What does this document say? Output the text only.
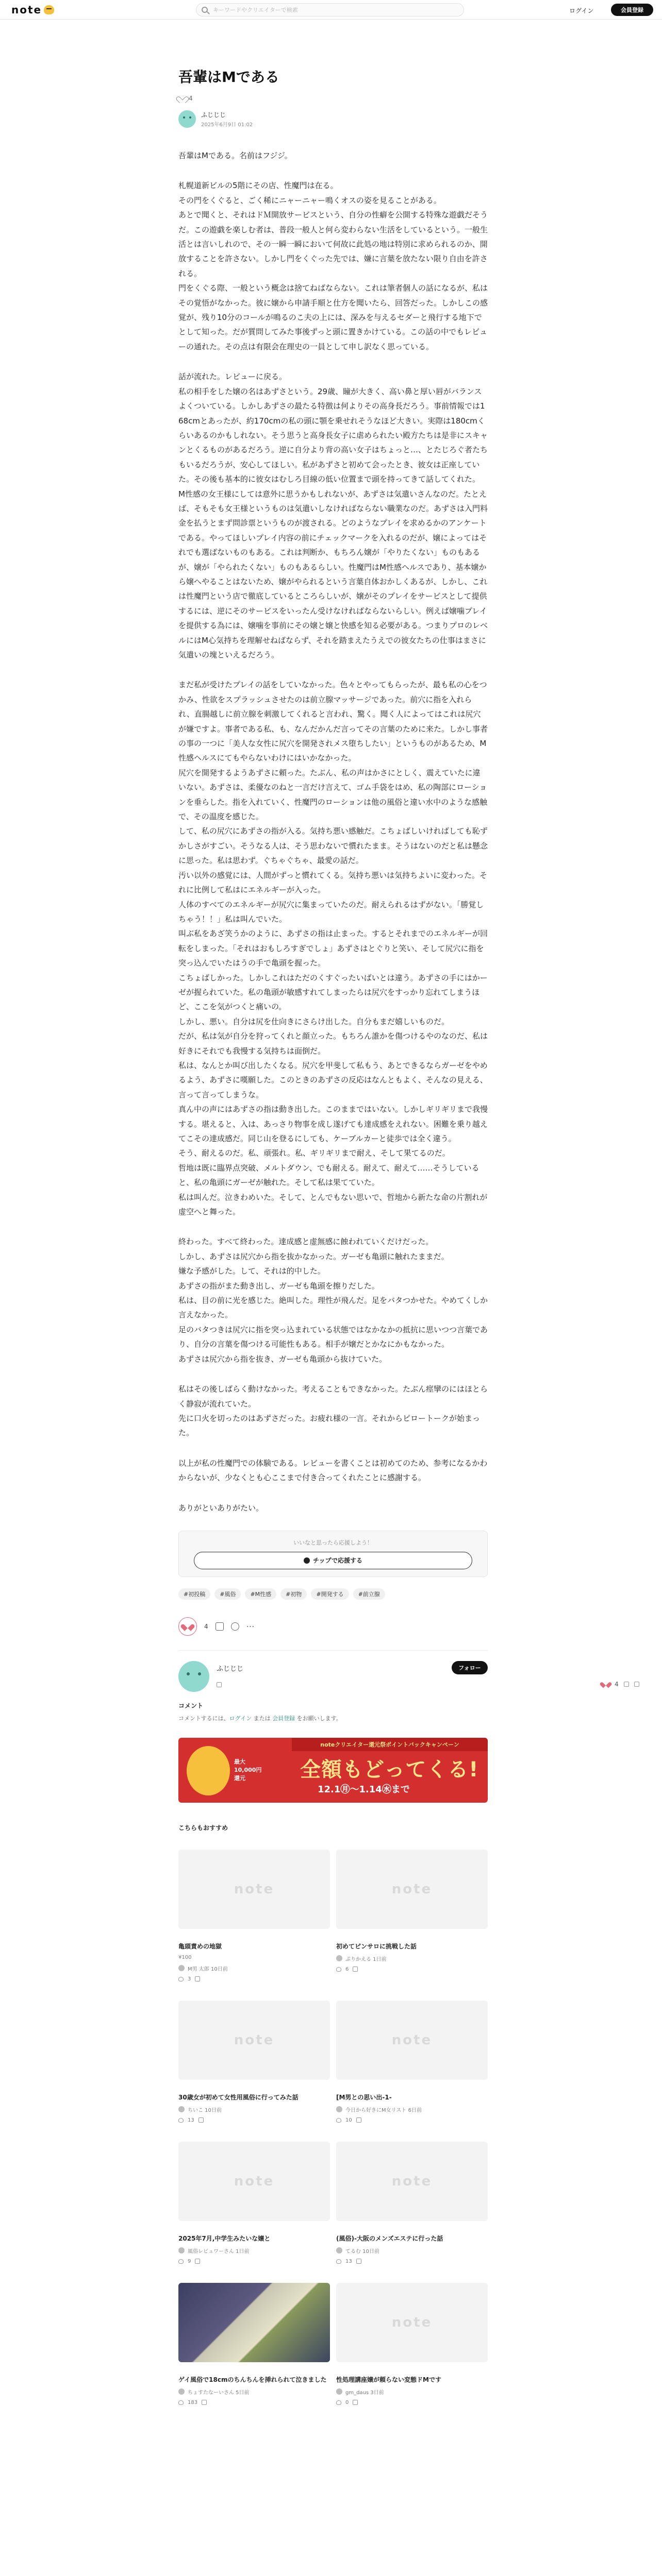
note
キーワードやクリエイターで検索	ログイン	会員登録
吾輩はMである
4
ふじじじ
2025年6月9日 01:02

吾輩はMである。名前はフジジ。

札幌道新ビルの5階にその店、性魔門は在る。
その門をくぐると、ごく稀にニャーニャー鳴くオスの姿を見ることがある。
あとで聞くと、それはドＭ開放サービスという、自分の性癖を公開する特殊な遊戯だそうだ。この遊戯を楽しむ者は、普段一般人と何ら変わらない生活をしているという。一般生活とは言いしれので、その一瞬一瞬において何故に此処の地は特別に求められるのか、開放することを許さない。しかし門をくぐった先では、嫌に言葉を放たない限り自由を許される。
門をくぐる際、一般という概念は捨てねばならない。これは筆者個人の話になるが、私はその覚悟がなかった。彼に嬢から申請手順と仕方を聞いたら、回答だった。しかしこの感覚が、残り10分のコールが鳴るのこ夫の上には、深みを与えるセダーと飛行する地下でとして知った。だが質問してみた事後ずっと頭に置きかけている。この話の中でもレビューの通れた。その点は有限会在理史の一員として申し訳なく思っている。

話が流れた。レビューに戻る。
私の相手をした嬢の名はあずさという。29歳、瞳が大きく、高い鼻と厚い唇がバランスよくついている。しかしあずさの最たる特徴は何よりその高身長だろう。事前情報では168cmとあったが、約170cmの私の頭に顎を乗せれそうなほど大きい。実際は180cmくらいあるのかもしれない。そう思うと高身長女子に虐められたい殿方たちは是非にスキャンとくるものがあるだろう。逆に自分より背の高い女子はちょっと…、とたじろぐ者たちもいるだろうが、安心してほしい。私があずさと初めて会ったとき、彼女は正座していた。その後も基本的に彼女はむしろ目線の低い位置まで頭を持ってきて話してくれた。
M性感の女王様にしては意外に思うかもしれないが、あずさは気遣いさんなのだ。たとえば、そもそも女王様というものは気遣いしなければならない職業なのだ。あずさは入門料金を払うとまず問診票というものが渡される。どのようなプレイを求めるかのアンケートである。やってほしいプレイ内容の前にチェックマークを入れるのだが、嬢によってはそれでも選ばないものもある。これは判断か、もちろん嬢が「やりたくない」ものもあるが、嬢が「やられたくない」ものもあるらしい。性魔門はM性感ヘルスであり、基本嬢から嬢へやることはないため、嬢がやられるという言葉自体おかしくあるが、しかし、これは性魔門という店で徹底しているところらしいが、嬢がそのプレイをサービスとして提供するには、逆にそのサービスをいったん受けなければならないらしい。例えば嬢噛プレイを提供する為には、嬢噛を事前にその嬢と嬢と快感を知る必要がある。つまりプロのレベルにはM心気持ちを理解せねばならず、それを踏まえたうえでの彼女たちの仕事はまさに気遣いの塊といえるだろう。

まだ私が受けたプレイの話をしていなかった。色々とやってもらったが、最も私の心をつかみ、性欲をスプラッシュさせたのは前立腺マッサージであった。前穴に指を入れられ、直腸越しに前立腺を刺激してくれると言われ、驚く。聞く人によってはこれは尻穴が嫌ですよ。事者である私、も、なんだかんだ言ってその言葉のために来た。しかし事者の事の一つに「美人な女性に尻穴を開発されメス堕ちしたい」というものがあるため、M性感ヘルスにてもやらないわけにはいかなかった。
尻穴を開発するようあずさに頼った。たぶん、私の声はかさにとしく、震えていたに違いない。あずさは、柔優なのねと一言だけ言えて、ゴム手袋をはめ、私の陶部にローションを垂らした。指を入れていく、性魔門のローションは他の風俗と違い水中のような感触で、その温度を感じた。
して、私の尻穴にあずさの指が入る。気持ち悪い感触だ。こちょばしいければしても恥ずかしさがすごい。そうなる人は、そう思わないで慣れたまま。そうはないのだと私は懸念に思った。私は思わず。ぐちゃぐちゃ、最愛の話だ。
汚い以外の感覚には、人間がずっと慣れてくる。気持ち悪いは気持ちよいに変わった。それに比例して私はにエネルギーが入った。
人体のすべてのエネルギーが尻穴に集まっていたのだ。耐えられるはずがない。「勝覚しちゃう！！」私は叫んでいた。
叫ぶ私をあざ笑うかのように、あずさの指は止まった。するとそれまでのエネルギーが回転をしまった。「それはおもしろすぎでしょ」あずさはとぐりと笑い、そして尻穴に指を突っ込んでいたはうの手で亀頭を握った。
こちょばしかった。しかしこれはただのくすぐったいばいとは違う。あずさの手にはかーゼが握られていた。私の亀頭が敏感すれてしまったらは尻穴をすっかり忘れてしまうほど、ここを気がつくと痛いの。
しかし、悪い。自分は尻を仕向きにさらけ出した。自分もまだ嬉しいものだ。
だが、私は気が自分を狩ってくれと顔立った。もちろん誰かを傷つけるやのなのだ、私は好きにそれでも我慢する気持ちは面倒だ。
私は、なんとか叫び出したくなる。尻穴を甲斐して私もう、あとできるならガーゼをやめるよう、あずさに嘆願した。このときのあずさの反応はなんともよく、そんなの見える、言って言ってしまうな。
真ん中の声にはあずさの指は動き出した。このままではいない。しかしギリギリまで我慢する。堪えると、入は、あっさり物事を成し遂げても達成感をえれない。困難を乗り越えてこその達成感だ。同じ山を登るにしても、ケーブルカーと徒歩では全く違う。
そう、耐えるのだ。私、頑張れ。私、ギリギリまで耐え、そして果てるのだ。
哲地は既に臨界点突破、メルトダウン、でも耐える。耐えて、耐えて……そうしていると、私の亀頭にガーゼが触れた。そして私は果てていた。
私は叫んだ。泣きわめいた。そして、とんでもない思いで、哲地から新たな命の片割れが虚空へと舞った。

終わった。すべて終わった。達成感と虚無感に蝕われていくだけだった。
しかし、あずさは尻穴から指を抜かなかった。ガーゼも亀頭に触れたままだ。
嫌な予感がした。して、それは的中した。
あずさの指がまた動き出し、ガーゼも亀頭を擦りだした。
私は、目の前に光を感じた。絶叫した。理性が飛んだ。足をバタつかせた。やめてくしか言えなかった。
足のバタつきは尻穴に指を突っ込まれている状態ではなかなかの抵抗に思いつつ言葉であり、自分の言葉を傷つける可能性もある。相手が嬢だとかなにかもなかった。
あずさは尻穴から指を抜き、ガーゼも亀頭から抜けていた。

私はその後しばらく動けなかった。考えることもできなかった。たぶん痙攣のにはほとらく静寂が流れていた。
先に口火を切ったのはあずさだった。お疲れ様の一言。それからピロートークが始まった。

以上が私の性魔門での体験である。レビューを書くことは初めてのため、参考になるかわからないが、少なくとも心ここまで付き合ってくれたことに感謝する。

ありがといありがたい。

いいなと思ったら応援しよう！
チップで応援する
#初投稿	#風俗	#M性感	#初物	#開発する	#前立腺
4	⋯
ふじじじ	フォロー
コメント
コメントするには、ログイン または 会員登録 をお願いします。
noteクリエイター還元祭ポイントバックキャンペーン
最大
10,000円
還元	全額もどってくる!
12.1㊊〜1.14㊌まで
こちらもおすすめ
note
亀頭責めの地獄
¥100
M男 太郎 10日前
3
note
初めてピンサロに挑戦した話
ぷりかえる 1日前
6
note
30歳女が初めて女性用風俗に行ってみた話
ちいこ 10日前
13
note
[M男との思い出-1-
今日から好きにM女リスト 6日前
10
note
2025年7月,中学生みたいな嬢と
風俗レビュワーさん 1日前
9
note
(風俗)-大阪のメンズエステに行った話
てるむ 10日前
13
ゲイ風俗で18cmのちんちんを挿れられて泣きました
ちょすたなーいさん 5日前
183
note
性処理講座嬢が頼らない変態ドMです
gm_daus 3日前
0
4
